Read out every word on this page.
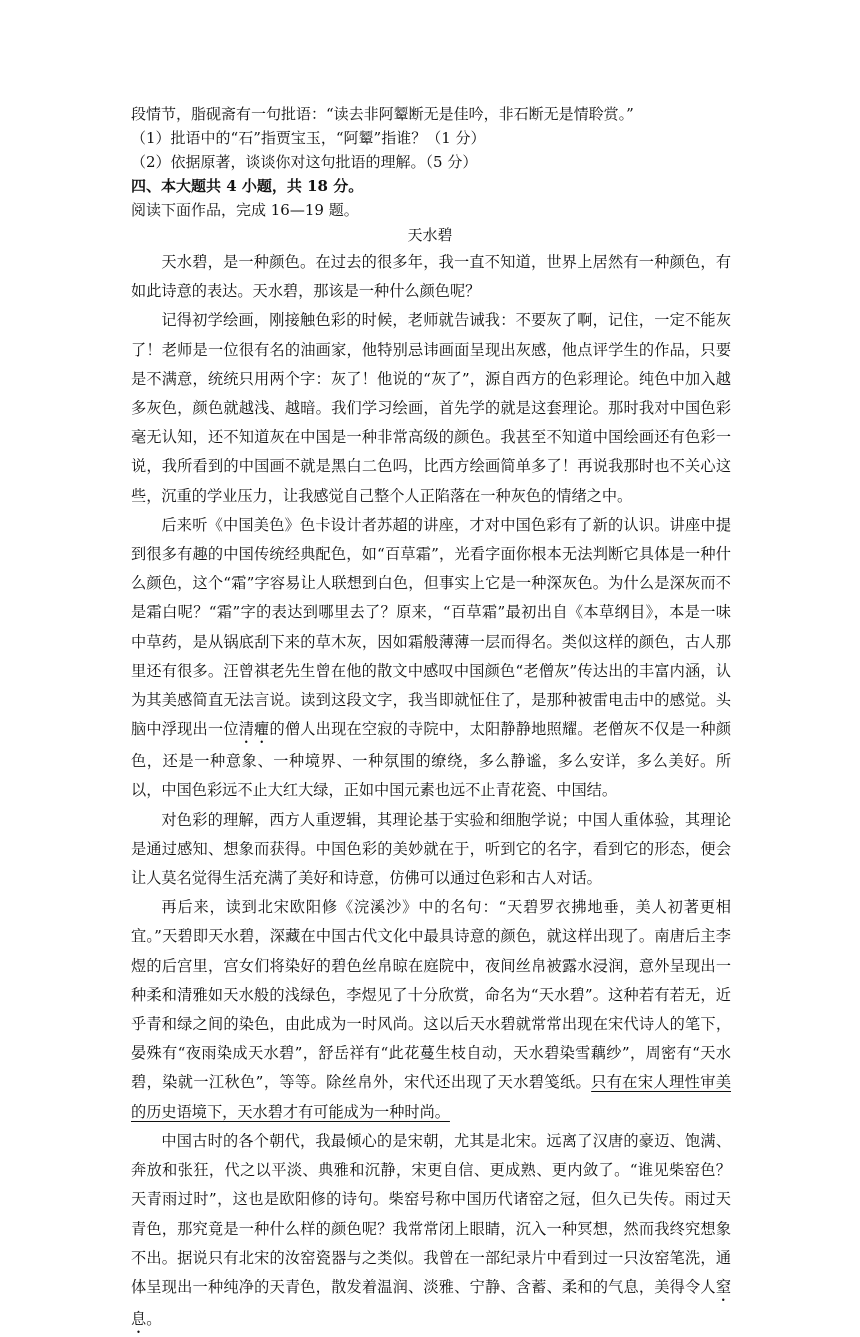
段情节，脂砚斋有一句批语：“读去非阿颦断无是佳吟，非石断无是情聆赏。”
（1）批语中的“石”指贾宝玉，“阿颦”指谁？（1 分）
（2）依据原著，谈谈你对这句批语的理解。（5 分）
四、本大题共 4 小题，共 18 分。
阅读下面作品，完成 16—19 题。
天水碧

天水碧，是一种颜色。在过去的很多年，我一直不知道，世界上居然有一种颜色，有如此诗意的表达。天水碧，那该是一种什么颜色呢？

记得初学绘画，刚接触色彩的时候，老师就告诫我：不要灰了啊，记住，一定不能灰了！老师是一位很有名的油画家，他特别忌讳画面呈现出灰感，他点评学生的作品，只要是不满意，统统只用两个字：灰了！他说的“灰了”，源自西方的色彩理论。纯色中加入越多灰色，颜色就越浅、越暗。我们学习绘画，首先学的就是这套理论。那时我对中国色彩毫无认知，还不知道灰在中国是一种非常高级的颜色。我甚至不知道中国绘画还有色彩一说，我所看到的中国画不就是黑白二色吗，比西方绘画简单多了！再说我那时也不关心这些，沉重的学业压力，让我感觉自己整个人正陷落在一种灰色的情绪之中。

后来听《中国美色》色卡设计者苏超的讲座，才对中国色彩有了新的认识。讲座中提到很多有趣的中国传统经典配色，如“百草霜”，光看字面你根本无法判断它具体是一种什么颜色，这个“霜”字容易让人联想到白色，但事实上它是一种深灰色。为什么是深灰而不是霜白呢？“霜”字的表达到哪里去了？原来，“百草霜”最初出自《本草纲目》，本是一味中草药，是从锅底刮下来的草木灰，因如霜般薄薄一层而得名。类似这样的颜色，古人那里还有很多。汪曾祺老先生曾在他的散文中感叹中国颜色“老僧灰”传达出的丰富内涵，认为其美感简直无法言说。读到这段文字，我当即就怔住了，是那种被雷电击中的感觉。头脑中浮现出一位清癯的僧人出现在空寂的寺院中，太阳静静地照耀。老僧灰不仅是一种颜色，还是一种意象、一种境界、一种氛围的缭绕，多么静谧，多么安详，多么美好。所以，中国色彩远不止大红大绿，正如中国元素也远不止青花瓷、中国结。

对色彩的理解，西方人重逻辑，其理论基于实验和细胞学说；中国人重体验，其理论是通过感知、想象而获得。中国色彩的美妙就在于，听到它的名字，看到它的形态，便会让人莫名觉得生活充满了美好和诗意，仿佛可以通过色彩和古人对话。

再后来，读到北宋欧阳修《浣溪沙》中的名句：“天碧罗衣拂地垂，美人初著更相宜。”天碧即天水碧，深藏在中国古代文化中最具诗意的颜色，就这样出现了。南唐后主李煜的后宫里，宫女们将染好的碧色丝帛晾在庭院中，夜间丝帛被露水浸润，意外呈现出一种柔和清雅如天水般的浅绿色，李煜见了十分欣赏，命名为“天水碧”。这种若有若无，近乎青和绿之间的染色，由此成为一时风尚。这以后天水碧就常常出现在宋代诗人的笔下，晏殊有“夜雨染成天水碧”，舒岳祥有“此花蔓生枝自动，天水碧染雪藕纱”，周密有“天水碧，染就一江秋色”，等等。除丝帛外，宋代还出现了天水碧笺纸。只有在宋人理性审美的历史语境下，天水碧才有可能成为一种时尚。

中国古时的各个朝代，我最倾心的是宋朝，尤其是北宋。远离了汉唐的豪迈、饱满、奔放和张狂，代之以平淡、典雅和沉静，宋更自信、更成熟、更内敛了。“谁见柴窑色？天青雨过时”，这也是欧阳修的诗句。柴窑号称中国历代诸窑之冠，但久已失传。雨过天青色，那究竟是一种什么样的颜色呢？我常常闭上眼睛，沉入一种冥想，然而我终究想象不出。据说只有北宋的汝窑瓷器与之类似。我曾在一部纪录片中看到过一只汝窑笔洗，通体呈现出一种纯净的天青色，散发着温润、淡雅、宁静、含蓄、柔和的气息，美得令人窒息。
